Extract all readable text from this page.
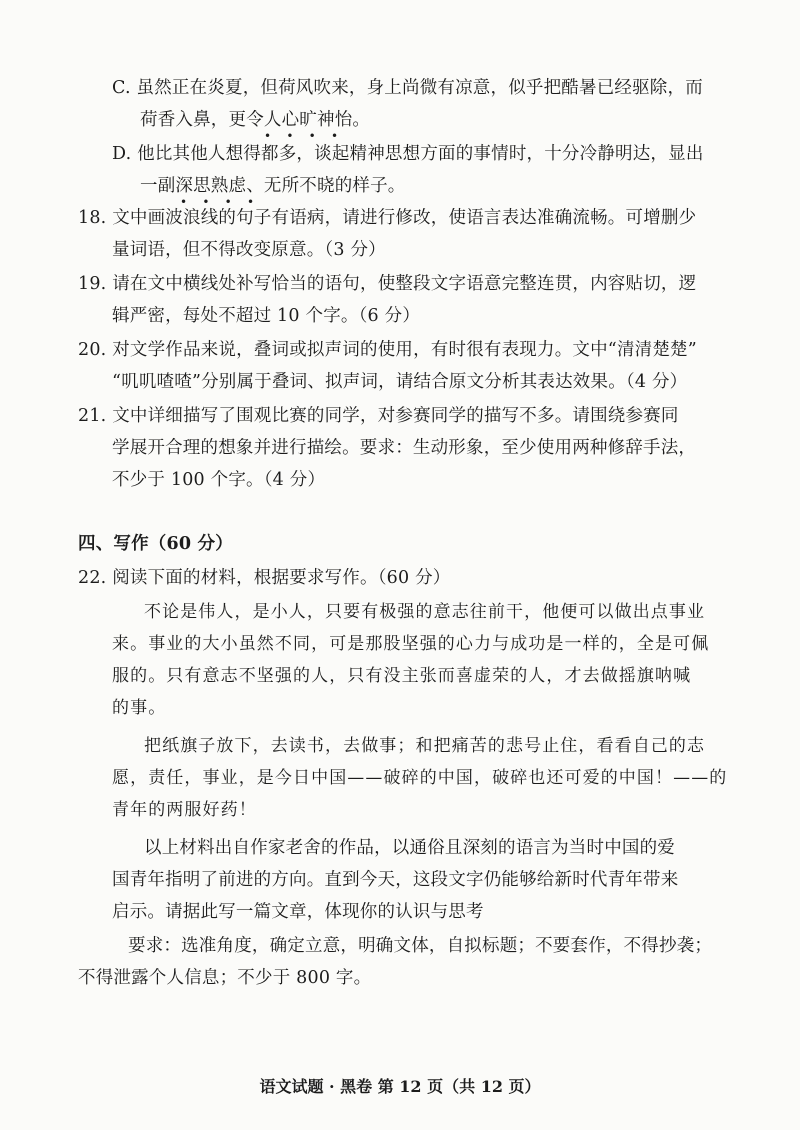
C. 虽然正在炎夏，但荷风吹来，身上尚微有凉意，似乎把酷暑已经驱除，而
荷香入鼻，更令人心旷神怡。
•    •    •    •
D. 他比其他人想得都多，谈起精神思想方面的事情时，十分冷静明达，显出
一副深思熟虑、无所不晓的样子。
•    •    •    •
18. 文中画波浪线的句子有语病，请进行修改，使语言表达准确流畅。可增删少
量词语，但不得改变原意。（3 分）
19. 请在文中横线处补写恰当的语句，使整段文字语意完整连贯，内容贴切，逻
辑严密，每处不超过 10 个字。（6 分）
20. 对文学作品来说，叠词或拟声词的使用，有时很有表现力。文中“清清楚楚”
“叽叽喳喳”分别属于叠词、拟声词，请结合原文分析其表达效果。（4 分）
21. 文中详细描写了围观比赛的同学，对参赛同学的描写不多。请围绕参赛同
学展开合理的想象并进行描绘。要求：生动形象，至少使用两种修辞手法，
不少于 100 个字。（4 分）
四、写作（60 分）
22. 阅读下面的材料，根据要求写作。（60 分）
不论是伟人，是小人，只要有极强的意志往前干，他便可以做出点事业
来。事业的大小虽然不同，可是那股坚强的心力与成功是一样的，全是可佩
服的。只有意志不坚强的人，只有没主张而喜虚荣的人，才去做摇旗呐喊
的事。
把纸旗子放下，去读书，去做事；和把痛苦的悲号止住，看看自己的志
愿，责任，事业，是今日中国——破碎的中国，破碎也还可爱的中国！——的
青年的两服好药！
以上材料出自作家老舍的作品，以通俗且深刻的语言为当时中国的爱
国青年指明了前进的方向。直到今天，这段文字仍能够给新时代青年带来
启示。请据此写一篇文章，体现你的认识与思考
要求：选准角度，确定立意，明确文体，自拟标题；不要套作，不得抄袭；
不得泄露个人信息；不少于 800 字。
语文试题 · 黑卷 第 12 页（共 12 页）
